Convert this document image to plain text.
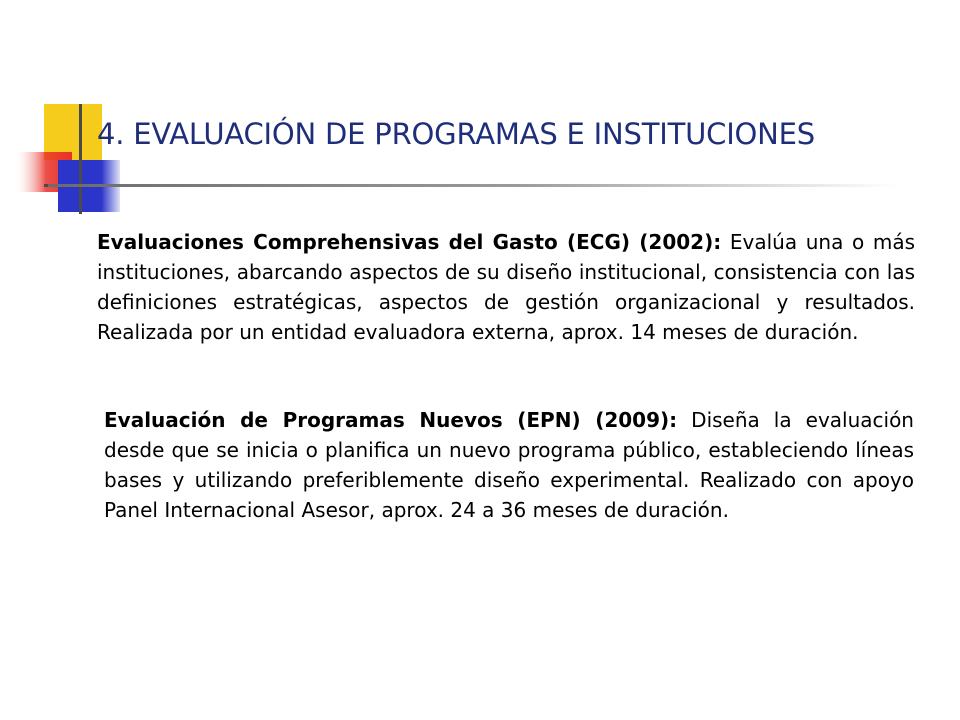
4. EVALUACIÓN DE PROGRAMAS E INSTITUCIONES

Evaluaciones Comprehensivas del Gasto (ECG) (2002): Evalúa una o más instituciones, abarcando aspectos de su diseño institucional, consistencia con las definiciones estratégicas, aspectos de gestión organizacional y resultados. Realizada por un entidad evaluadora externa, aprox. 14 meses de duración.

Evaluación de Programas Nuevos (EPN) (2009): Diseña la evaluación desde que se inicia o planifica un nuevo programa público, estableciendo líneas bases y utilizando preferiblemente diseño experimental. Realizado con apoyo Panel Internacional Asesor, aprox. 24 a 36 meses de duración.
